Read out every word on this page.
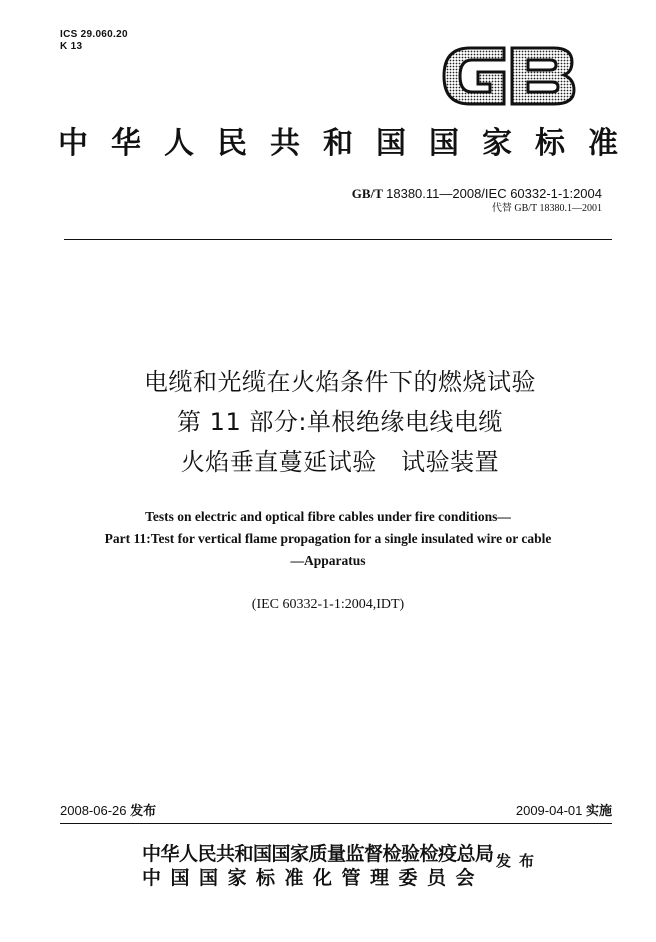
ICS 29.060.20
K 13
中 华 人 民 共 和 国 国 家 标 准
GB/T 18380.11—2008/IEC 60332-1-1:2004
代替 GB/T 18380.1—2001
电缆和光缆在火焰条件下的燃烧试验
第 11 部分:单根绝缘电线电缆
火焰垂直蔓延试验   试验装置
Tests on electric and optical fibre cables under fire conditions—
Part 11:Test for vertical flame propagation for a single insulated wire or cable
—Apparatus
(IEC 60332-1-1:2004,IDT)
2008-06-26 发布	2009-04-01 实施
中华人民共和国国家质量监督检验检疫总局
中国国家标准化管理委员会
发布
